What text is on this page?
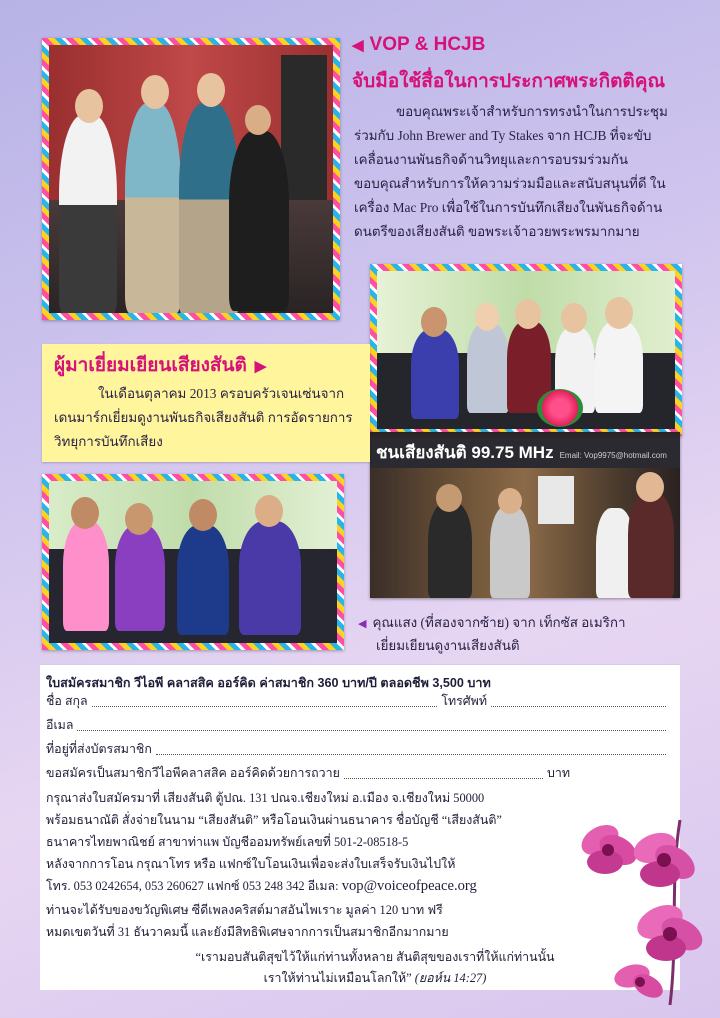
◀ VOP & HCJB
จับมือใช้สื่อในการประกาศพระกิตติคุณ
ขอบคุณพระเจ้าสำหรับการทรงนำในการประชุมร่วมกับ John Brewer and Ty Stakes จาก HCJB ที่จะขับเคลื่อนงานพันธกิจด้านวิทยุและการอบรมร่วมกัน ขอบคุณสำหรับการให้ความร่วมมือและสนับสนุนที่ดี ในเครื่อง Mac Pro เพื่อใช้ในการบันทึกเสียงในพันธกิจด้านดนตรีของเสียงสันติ ขอพระเจ้าอวยพระพรมากมาย
ชนเสียงสันติ 99.75 MHz Email: Vop9975@hotmail.com
ผู้มาเยี่ยมเยียนเสียงสันติ ▶
ในเดือนตุลาคม 2013 ครอบครัวเจนเซ่นจากเดนมาร์กเยี่ยมดูงานพันธกิจเสียงสันติ การอัดรายการวิทยุการบันทึกเสียง
◀ คุณแสง (ที่สองจากซ้าย) จาก เท็กซัส อเมริกา
เยี่ยมเยียนดูงานเสียงสันติ
ใบสมัครสมาชิก วีไอพี คลาสสิค ออร์คิด ค่าสมาชิก 360 บาท/ปี ตลอดชีพ 3,500 บาท
ชื่อ สกุล	โทรศัพท์
อีเมล
ที่อยู่ที่ส่งบัตรสมาชิก
ขอสมัครเป็นสมาชิกวีไอพีคลาสสิค ออร์คิดด้วยการถวาย	บาท
กรุณาส่งใบสมัครมาที่ เสียงสันติ ตู้ปณ. 131 ปณจ.เชียงใหม่ อ.เมือง จ.เชียงใหม่ 50000
พร้อมธนาณัติ สั่งจ่ายในนาม “เสียงสันติ” หรือโอนเงินผ่านธนาคาร ชื่อบัญชี “เสียงสันติ”
ธนาคารไทยพาณิชย์ สาขาท่าแพ บัญชีออมทรัพย์เลขที่ 501-2-08518-5
หลังจากการโอน กรุณาโทร หรือ แฟกซ์ใบโอนเงินเพื่อจะส่งใบเสร็จรับเงินไปให้
โทร. 053 0242654, 053 260627 แฟกซ์ 053 248 342 อีเมล: vop@voiceofpeace.org
ท่านจะได้รับของขวัญพิเศษ ซีดีเพลงคริสต์มาสอันไพเราะ มูลค่า 120 บาท ฟรี
หมดเขตวันที่ 31 ธันวาคมนี้ และยังมีสิทธิพิเศษจากการเป็นสมาชิกอีกมากมาย
“เรามอบสันติสุขไว้ให้แก่ท่านทั้งหลาย สันติสุขของเราที่ให้แก่ท่านนั้น
เราให้ท่านไม่เหมือนโลกให้” (ยอห์น 14:27)
